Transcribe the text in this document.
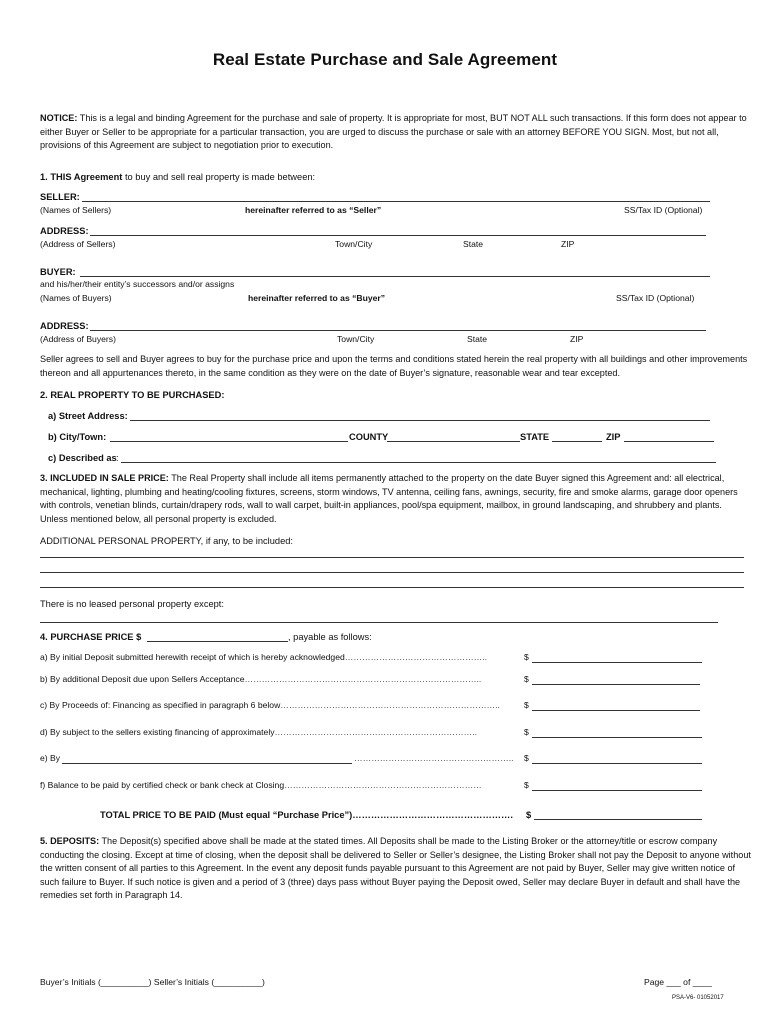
Real Estate Purchase and Sale Agreement
NOTICE: This is a legal and binding Agreement for the purchase and sale of property. It is appropriate for most, BUT NOT ALL such transactions. If this form does not appear to either Buyer or Seller to be appropriate for a particular transaction, you are urged to discuss the purchase or sale with an attorney BEFORE YOU SIGN. Most, but not all, provisions of this Agreement are subject to negotiation prior to execution.
1. THIS Agreement to buy and sell real property is made between:
SELLER:
(Names of Sellers)	hereinafter referred to as “Seller”	SS/Tax ID (Optional)
ADDRESS:
(Address of Sellers)	Town/City	State	ZIP
BUYER:
and his/her/their entity’s successors and/or assigns
(Names of Buyers)	hereinafter referred to as “Buyer”	SS/Tax ID (Optional)
ADDRESS:
(Address of Buyers)	Town/City	State	ZIP
Seller agrees to sell and Buyer agrees to buy for the purchase price and upon the terms and conditions stated herein the real property with all buildings and other improvements thereon and all appurtenances thereto, in the same condition as they were on the date of Buyer’s signature, reasonable wear and tear excepted.
2. REAL PROPERTY TO BE PURCHASED:
a) Street Address:
b) City/Town:	COUNTY	STATE	ZIP
c) Described as :
3. INCLUDED IN SALE PRICE: The Real Property shall include all items permanently attached to the property on the date Buyer signed this Agreement and: all electrical, mechanical, lighting, plumbing and heating/cooling fixtures, screens, storm windows, TV antenna, ceiling fans, awnings, security, fire and smoke alarms, garage door openers with controls, venetian blinds, curtain/drapery rods, wall to wall carpet, built-in appliances, pool/spa equipment, mailbox, in ground landscaping, and shrubbery and plants. Unless mentioned below, all personal property is excluded.
ADDITIONAL PERSONAL PROPERTY, if any, to be included:
There is no leased personal property except:
4. PURCHASE PRICE $	, payable as follows:
a) By initial Deposit submitted herewith receipt of which is hereby acknowledged…………………………………………..	$
b) By additional Deposit due upon Sellers Acceptance………………………………………………………………………..	$
c) By Proceeds of: Financing as specified in paragraph 6 below…………………………………………………………………..	$
d) By subject to the sellers existing financing of approximately……………………………………………………………..	$
e) By	……………………………………………….. $
f) Balance to be paid by certified check or bank check at Closing……………………………………………………………	$
TOTAL PRICE TO BE PAID (Must equal “Purchase Price”)……………………………………………. $
5. DEPOSITS: The Deposit(s) specified above shall be made at the stated times. All Deposits shall be made to the Listing Broker or the attorney/title or escrow company conducting the closing. Except at time of closing, when the deposit shall be delivered to Seller or Seller’s designee, the Listing Broker shall not pay the Deposit to anyone without the written consent of all parties to this Agreement. In the event any deposit funds payable pursuant to this Agreement are not paid by Buyer, Seller may give written notice of such failure to Buyer. If such notice is given and a period of 3 (three) days pass without Buyer paying the Deposit owed, Seller may declare Buyer in default and shall have the remedies set forth in Paragraph 14.
Buyer’s Initials (__________) Seller’s Initials (__________)	Page ___ of ____
PSA-V6- 01052017
